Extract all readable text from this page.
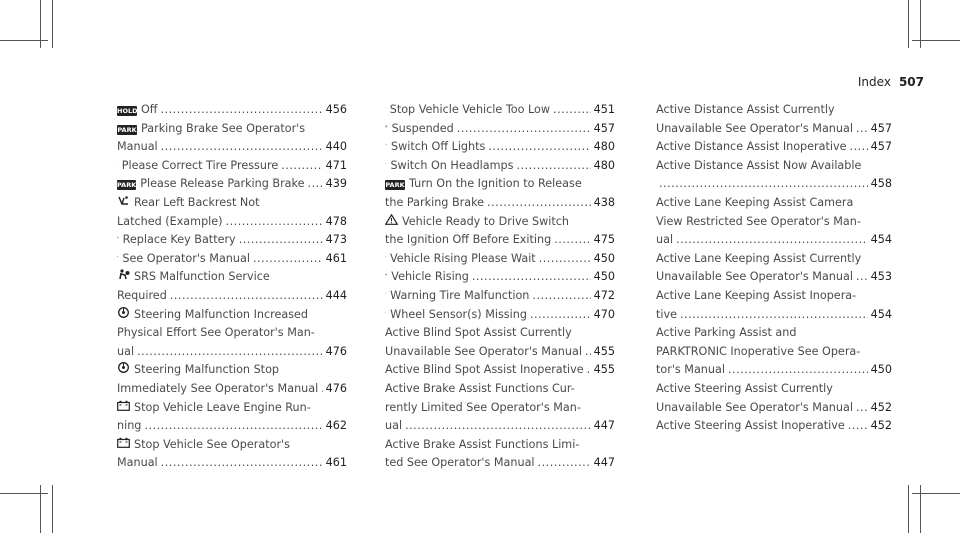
Index 507
HOLD Off .....	456
PARK Parking Brake See Operator's
Manual .....	440
Please Correct Tire Pressure .....	471
PARK Please Release Parking Brake ..... 439
Rear Left Backrest Not
Latched (Example) .....	478
Replace Key Battery .....	473
See Operator's Manual .....	461
SRS Malfunction Service
Required .....	444
Steering Malfunction Increased
Physical Effort See Operator's Man-
ual .....	476
Steering Malfunction Stop
Immediately See Operator's Manual ..... 476
Stop Vehicle Leave Engine Run-
ning .....	462
Stop Vehicle See Operator's
Manual .....	461
Stop Vehicle Vehicle Too Low .....	451
Suspended .....	457
Switch Off Lights .....	480
Switch On Headlamps .....	480
PARK Turn On the Ignition to Release
the Parking Brake .....	438
Vehicle Ready to Drive Switch
the Ignition Off Before Exiting .....	475
Vehicle Rising Please Wait .....	450
Vehicle Rising .....	450
Warning Tire Malfunction .....	472
Wheel Sensor(s) Missing .....	470
Active Blind Spot Assist Currently
Unavailable See Operator's Manual ..... 455
Active Blind Spot Assist Inoperative ..... 455
Active Brake Assist Functions Cur-
rently Limited See Operator's Man-
ual .....	447
Active Brake Assist Functions Limi-
ted See Operator's Manual .....	447
Active Distance Assist Currently
Unavailable See Operator's Manual ..... 457
Active Distance Assist Inoperative ..... 457
Active Distance Assist Now Available
.....
458
Active Lane Keeping Assist Camera
View Restricted See Operator's Man-
ual .....	454
Active Lane Keeping Assist Currently
Unavailable See Operator's Manual ..... 453
Active Lane Keeping Assist Inopera-
tive .....	454
Active Parking Assist and
PARKTRONIC Inoperative See Opera-
tor's Manual .....	450
Active Steering Assist Currently
Unavailable See Operator's Manual ..... 452
Active Steering Assist Inoperative ..... 452
